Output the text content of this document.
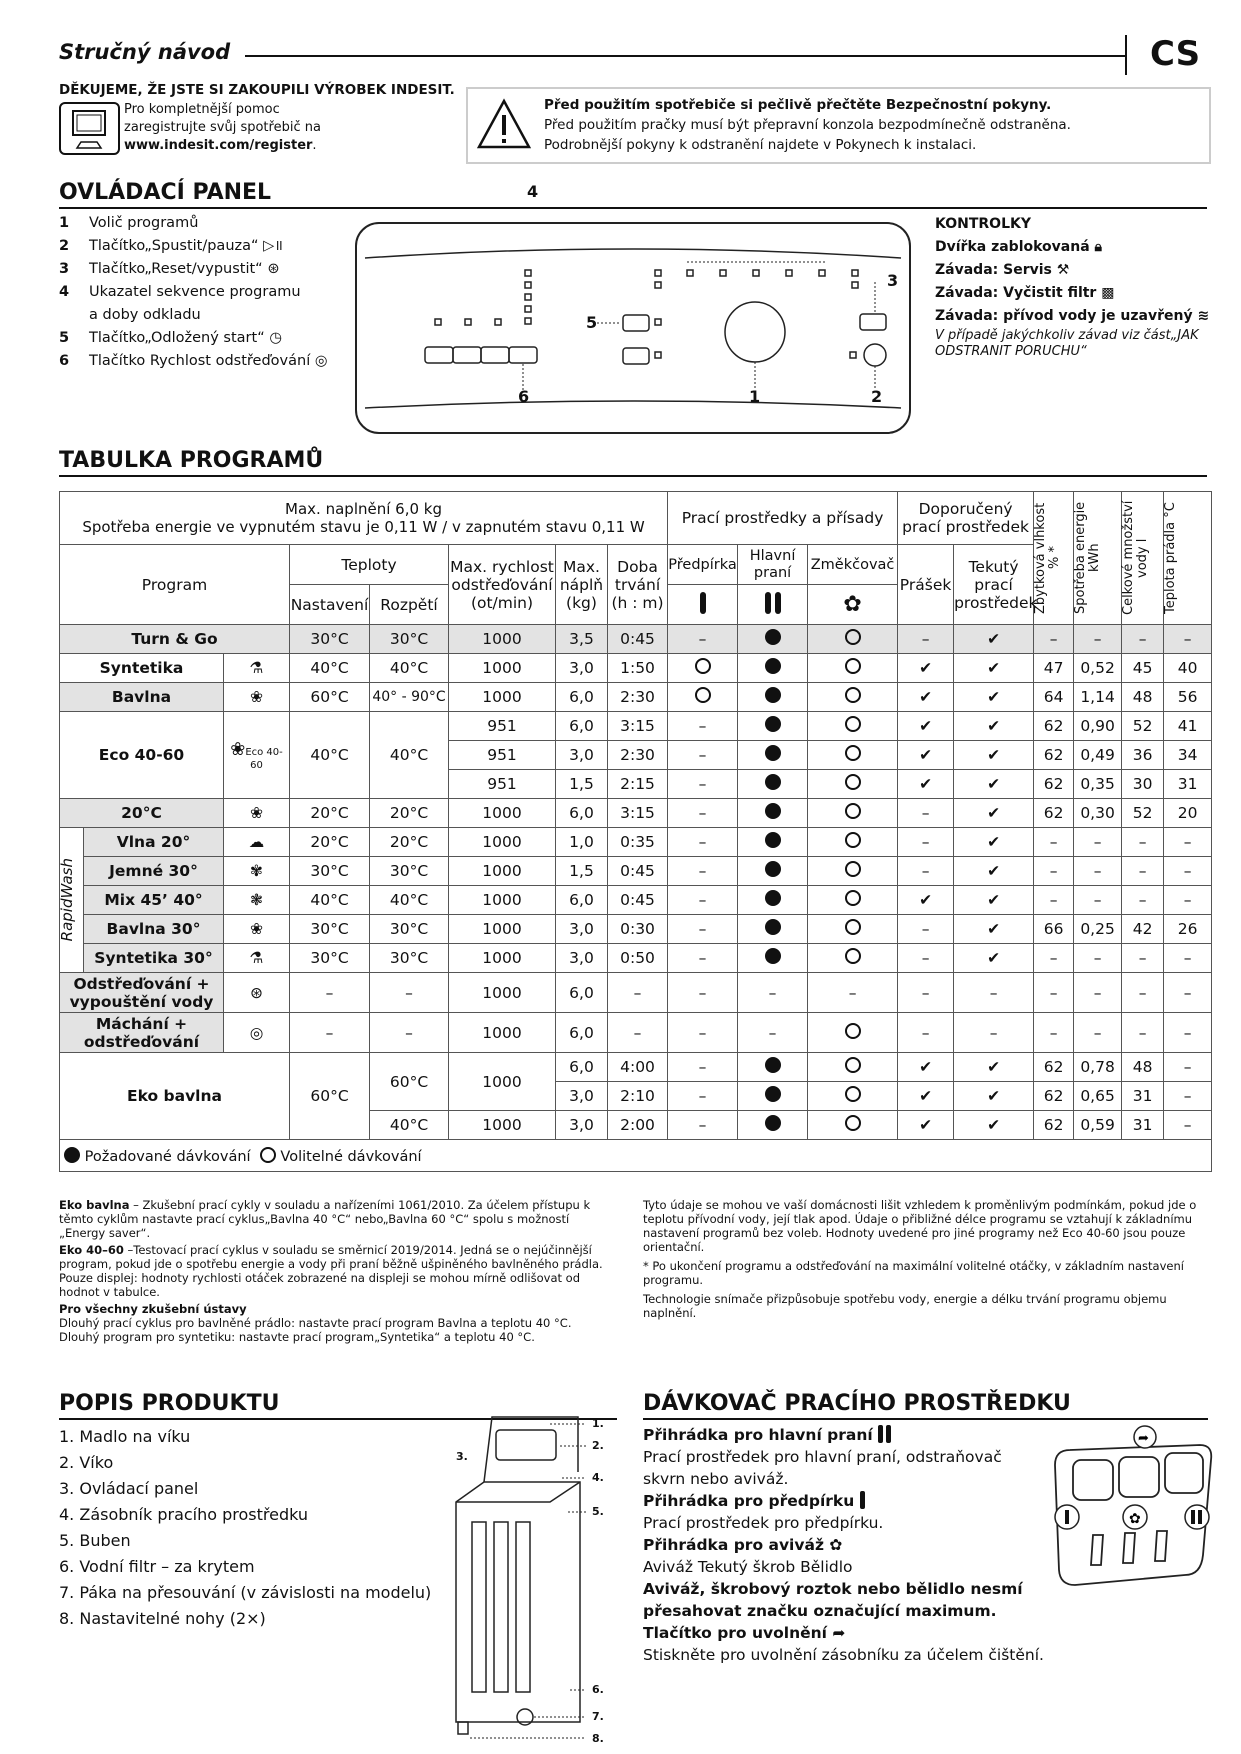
Stručný návod	CS
DĚKUJEME, ŽE JSTE SI ZAKOUPILI VÝROBEK INDESIT.
Pro kompletnější pomoc
zaregistrujte svůj spotřebič na
www.indesit.com/register.
Před použitím spotřebiče si pečlivě přečtěte Bezpečnostní pokyny.
Před použitím pračky musí být přepravní konzola bezpodmínečně odstraněna.
Podrobnější pokyny k odstranění najdete v Pokynech k instalaci.
OVLÁDACÍ PANEL
1 Volič programů
2 Tlačítko„Spustit/pauza“ ▷॥
3 Tlačítko„Reset/vypustit“ ⊛
4 Ukazatel sekvence programu
a doby odkladu
5 Tlačítko„Odložený start“ ◷
6 Tlačítko Rychlost odstřeďování ◎
4
3
5
6	1	2
KONTROLKY
Dvířka zablokovaná 🔒︎
Závada: Servis ⚒
Závada: Vyčistit filtr ▩
Závada: přívod vody je uzavřený ≋
V případě jakýchkoliv závad viz část„JAK
ODSTRANIT PORUCHU“
TABULKA PROGRAMŮ
Max. naplnění 6,0 kg
Spotřeba energie ve vypnutém stavu je 0,11 W / v zapnutém stavu 0,11 W								Prací prostředky a přísady			Doporučený prací prostředek		Zbytková vlhkost % *	Spotřeba energie kWh	Celkové množství vody l	Teplota prádla °C

Program			Teploty		Max. rychlost odstřeďování (ot/min)	Max. náplň (kg)	Doba trvání (h : m)	Předpírka	Hlavní praní	Změkčovač	Prášek	Tekutý prací prostředek				
			Nastavení	Rozpětí						✿						
Turn & Go			30°C	30°C	1000	3,5	0:45	–			–	✔	–	–	–	–
Syntetika		⚗	40°C	40°C	1000	3,0	1:50				✔	✔	47	0,52	45	40
Bavlna		❀	60°C	40° - 90°C	1000	6,0	2:30				✔	✔	64	1,14	48	56
Eco 40-60		❀Eco 40-60	40°C	40°C	951	6,0	3:15	–			✔	✔	62	0,90	52	41
					951	3,0	2:30	–			✔	✔	62	0,49	36	34
					951	1,5	2:15	–			✔	✔	62	0,35	30	31
20°C		❀	20°C	20°C	1000	6,0	3:15	–			–	✔	62	0,30	52	20

RapidWash	Vlna 20°	☁	20°C	20°C	1000	1,0	0:35	–			–	✔	–	–	–	–
	Jemné 30°	✾	30°C	30°C	1000	1,5	0:45	–			–	✔	–	–	–	–
	Mix 45’ 40°	❃	40°C	40°C	1000	6,0	0:45	–			✔	✔	–	–	–	–
	Bavlna 30°	❀	30°C	30°C	1000	3,0	0:30	–			–	✔	66	0,25	42	26
	Syntetika 30°	⚗	30°C	30°C	1000	3,0	0:50	–			–	✔	–	–	–	–

Odstřeďování +
vypouštění vody		⊛	–	–	1000	6,0	–	–	–	–	–	–	–	–	–	–

Máchání +
odstřeďování		◎	–	–	1000	6,0	–	–	–		–	–	–	–	–	–
Eko bavlna			60°C	60°C	1000	6,0	4:00	–			✔	✔	62	0,78	48	–
						3,0	2:10	–			✔	✔	62	0,65	31	–
				40°C	1000	3,0	2:00	–			✔	✔	62	0,59	31	–
Požadované dávkování Volitelné dávkování																
Eko bavlna – Zkušební prací cykly v souladu a nařízeními 1061/2010. Za účelem přístupu k těmto cyklům nastavte prací cyklus„Bavlna 40 °C“ nebo„Bavlna 60 °C“ spolu s možností „Energy saver“.
Eko 40–60 –Testovací prací cyklus v souladu se směrnicí 2019/2014. Jedná se o nejúčinnější program, pokud jde o spotřebu energie a vody při praní běžně ušpiněného bavlněného prádla. Pouze displej: hodnoty rychlosti otáček zobrazené na displeji se mohou mírně odlišovat od hodnot v tabulce.
Pro všechny zkušební ústavy
Dlouhý prací cyklus pro bavlněné prádlo: nastavte prací program Bavlna a teplotu 40 °C.
Dlouhý program pro syntetiku: nastavte prací program„Syntetika“ a teplotu 40 °C.
Tyto údaje se mohou ve vaší domácnosti lišit vzhledem k proměnlivým podmínkám, pokud jde o teplotu přívodní vody, její tlak apod. Údaje o přibližné délce programu se vztahují k základnímu nastavení programů bez voleb. Hodnoty uvedené pro jiné programy než Eco 40-60 jsou pouze orientační.
* Po ukončení programu a odstřeďování na maximální volitelné otáčky, v základním nastavení programu.
Technologie snímače přizpůsobuje spotřebu vody, energie a délku trvání programu objemu naplnění.
POPIS PRODUKTU
1. Madlo na víku
2. Víko
3. Ovládací panel
4. Zásobník pracího prostředku
5. Buben
6. Vodní filtr – za krytem
7. Páka na přesouvání (v závislosti na modelu)
8. Nastavitelné nohy (2×)
1.
2.
3.
4.
5.
6.
7.
8.
DÁVKOVAČ PRACÍHO PROSTŘEDKU
Přihrádka pro hlavní praní
Prací prostředek pro hlavní praní, odstraňovač
skvrn nebo aviváž.
Přihrádka pro předpírku
Prací prostředek pro předpírku.
Přihrádka pro aviváž ✿
Aviváž Tekutý škrob Bělidlo
Aviváž, škrobový roztok nebo bělidlo nesmí
přesahovat značku označující maximum.
Tlačítko pro uvolnění ➦
Stiskněte pro uvolnění zásobníku za účelem čištění.
✿
➦
